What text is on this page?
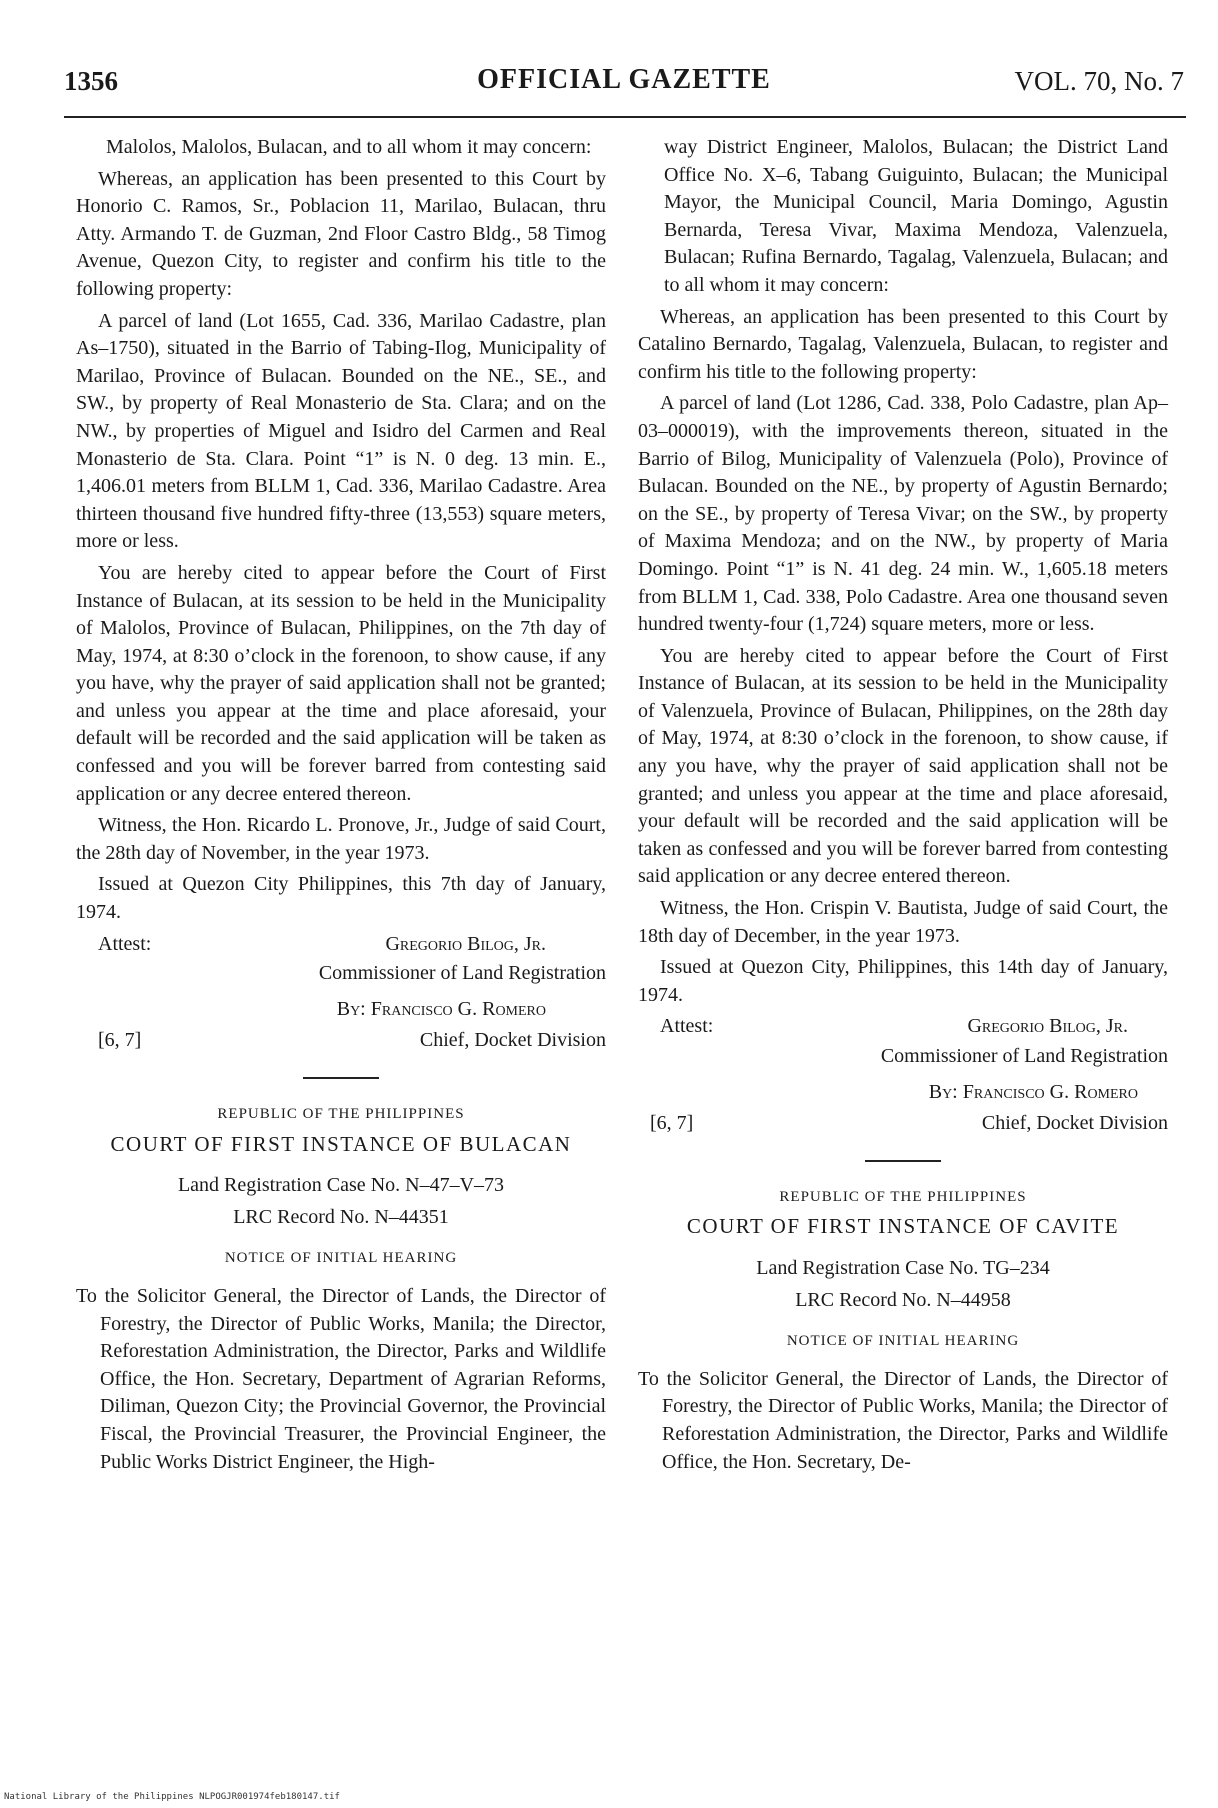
1356	OFFICIAL GAZETTE	VOL. 70, No. 7

Malolos, Malolos, Bulacan, and to all whom it may concern:

Whereas, an application has been presented to this Court by Honorio C. Ramos, Sr., Poblacion 11, Marilao, Bulacan, thru Atty. Armando T. de Guzman, 2nd Floor Castro Bldg., 58 Timog Avenue, Quezon City, to register and confirm his title to the following property:

A parcel of land (Lot 1655, Cad. 336, Marilao Cadastre, plan As–1750), situated in the Barrio of Tabing-Ilog, Municipality of Marilao, Province of Bulacan. Bounded on the NE., SE., and SW., by property of Real Monasterio de Sta. Clara; and on the NW., by properties of Miguel and Isidro del Carmen and Real Monasterio de Sta. Clara. Point “1” is N. 0 deg. 13 min. E., 1,406.01 meters from BLLM 1, Cad. 336, Marilao Cadastre. Area thirteen thousand five hundred fifty-three (13,553) square meters, more or less.

You are hereby cited to appear before the Court of First Instance of Bulacan, at its session to be held in the Municipality of Malolos, Province of Bulacan, Philippines, on the 7th day of May, 1974, at 8:30 o’clock in the forenoon, to show cause, if any you have, why the prayer of said application shall not be granted; and unless you appear at the time and place aforesaid, your default will be recorded and the said application will be taken as confessed and you will be forever barred from contesting said application or any decree entered thereon.

Witness, the Hon. Ricardo L. Pronove, Jr., Judge of said Court, the 28th day of November, in the year 1973.

Issued at Quezon City Philippines, this 7th day of January, 1974.

Attest:	Gregorio Bilog, Jr.

Commissioner of Land Registration

By: Francisco G. Romero

[6, 7]	Chief, Docket Division
REPUBLIC OF THE PHILIPPINES
COURT OF FIRST INSTANCE OF BULACAN

Land Registration Case No. N–47–V–73

LRC Record No. N–44351

NOTICE OF INITIAL HEARING

To the Solicitor General, the Director of Lands, the Director of Forestry, the Director of Public Works, Manila; the Director, Reforestation Administration, the Director, Parks and Wildlife Office, the Hon. Secretary, Department of Agrarian Reforms, Diliman, Quezon City; the Provincial Governor, the Provincial Fiscal, the Provincial Treasurer, the Provincial Engineer, the Public Works District Engineer, the High-

way District Engineer, Malolos, Bulacan; the District Land Office No. X–6, Tabang Guiguinto, Bulacan; the Municipal Mayor, the Municipal Council, Maria Domingo, Agustin Bernarda, Teresa Vivar, Maxima Mendoza, Valenzuela, Bulacan; Rufina Bernardo, Tagalag, Valenzuela, Bulacan; and to all whom it may concern:

Whereas, an application has been presented to this Court by Catalino Bernardo, Tagalag, Valenzuela, Bulacan, to register and confirm his title to the following property:

A parcel of land (Lot 1286, Cad. 338, Polo Cadastre, plan Ap–03–000019), with the improvements thereon, situated in the Barrio of Bilog, Municipality of Valenzuela (Polo), Province of Bulacan. Bounded on the NE., by property of Agustin Bernardo; on the SE., by property of Teresa Vivar; on the SW., by property of Maxima Mendoza; and on the NW., by property of Maria Domingo. Point “1” is N. 41 deg. 24 min. W., 1,605.18 meters from BLLM 1, Cad. 338, Polo Cadastre. Area one thousand seven hundred twenty-four (1,724) square meters, more or less.

You are hereby cited to appear before the Court of First Instance of Bulacan, at its session to be held in the Municipality of Valenzuela, Province of Bulacan, Philippines, on the 28th day of May, 1974, at 8:30 o’clock in the forenoon, to show cause, if any you have, why the prayer of said application shall not be granted; and unless you appear at the time and place aforesaid, your default will be recorded and the said application will be taken as confessed and you will be forever barred from contesting said application or any decree entered thereon.

Witness, the Hon. Crispin V. Bautista, Judge of said Court, the 18th day of December, in the year 1973.

Issued at Quezon City, Philippines, this 14th day of January, 1974.

Attest:	Gregorio Bilog, Jr.

Commissioner of Land Registration

By: Francisco G. Romero

[6, 7]	Chief, Docket Division
REPUBLIC OF THE PHILIPPINES
COURT OF FIRST INSTANCE OF CAVITE

Land Registration Case No. TG–234

LRC Record No. N–44958

NOTICE OF INITIAL HEARING

To the Solicitor General, the Director of Lands, the Director of Forestry, the Director of Public Works, Manila; the Director of Reforestation Administration, the Director, Parks and Wildlife Office, the Hon. Secretary, De-

National Library of the Philippines NLPOGJR001974feb180147.tif
